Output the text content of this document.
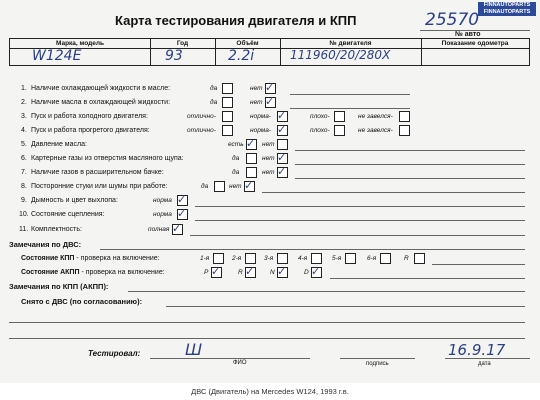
FINNAUTOPARTS
FINNAUTOPARTS
Карта тестирования двигателя и КПП	25570
№ авто
Марка, модель	Год	Объём	№ двигателя	Показание одометра
W124E	93	2.2i	111960/20/280X
1. Наличие охлаждающей жидкости в масле:	да	нет ✓
2. Наличие масла в охлаждающей жидкости:	да	нет ✓
3. Пуск и работа холодного двигателя:	отлично-	норма- ✓	плохо-	не завелся-
4. Пуск и работа прогретого двигателя:	отлично-	норма- ✓	плохо-	не завелся-
5. Давление масла:	есть ✓ нет
6. Картерные газы из отверстия масляного щупа:	да	нет ✓
7. Наличие газов в расширительном бачке:	да	нет ✓
8. Посторонние стуки или шумы при работе:	да	нет ✓
9. Дымность и цвет выхлопа:	норма ✓
10. Состояние сцепления:	норма ✓
11. Комплектность:	полная ✓
Замечания по ДВС:
Состояние КПП - проверка на включение:	1-я	2-я	3-я	4-я	5-я	6-я	R
Состояние АКПП - проверка на включение:	P ✓	R ✓ N ✓	D ✓
Замечания по КПП (АКПП):
Снято с ДВС (по согласованию):
Тестировал:	Ш
ФИО	подпись
16.9.17
дата
ДВС (Двигатель) на Mercedes W124, 1993 г.в.
